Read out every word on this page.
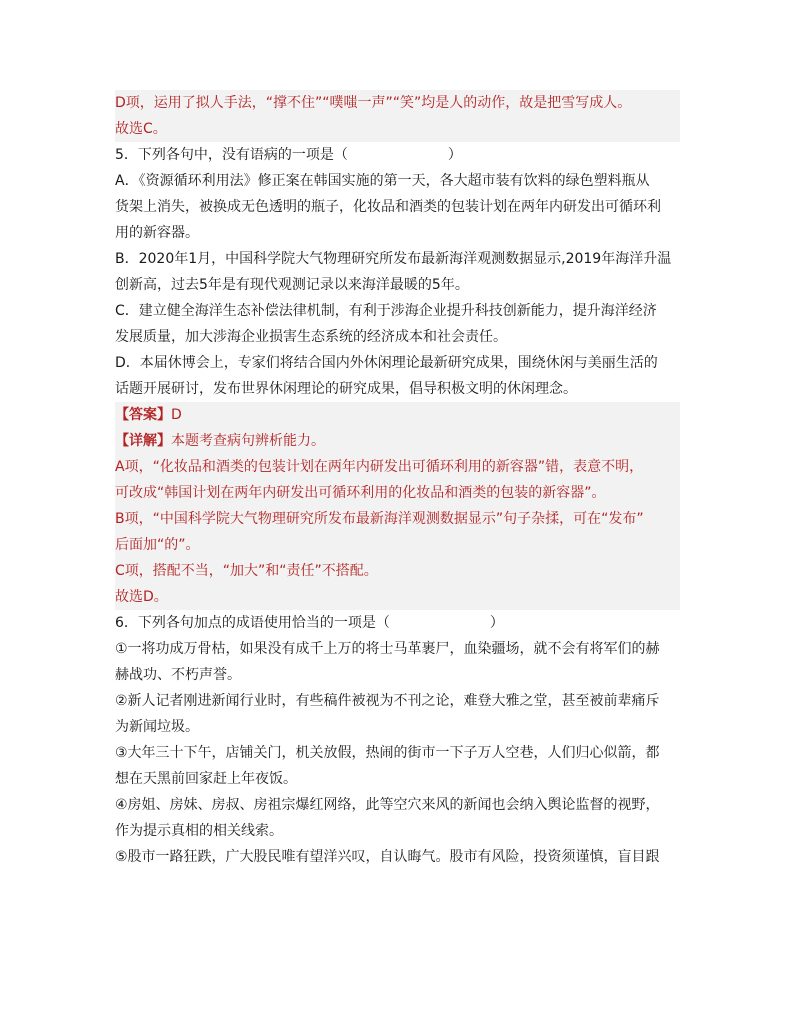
D项，运用了拟人手法，“撑不住”“噗嗤一声”“笑”均是人的动作，故是把雪写成人。
故选C。
5．下列各句中，没有语病的一项是（	）
A．《资源循环利用法》修正案在韩国实施的第一天，各大超市装有饮料的绿色塑料瓶从
货架上消失，被换成无色透明的瓶子，化妆品和酒类的包装计划在两年内研发出可循环利
用的新容器。
B．2020年1月，中国科学院大气物理研究所发布最新海洋观测数据显示,2019年海洋升温
创新高，过去5年是有现代观测记录以来海洋最暖的5年。
C．建立健全海洋生态补偿法律机制，有利于涉海企业提升科技创新能力，提升海洋经济
发展质量，加大涉海企业损害生态系统的经济成本和社会责任。
D．本届休博会上，专家们将结合国内外休闲理论最新研究成果，围绕休闲与美丽生活的
话题开展研讨，发布世界休闲理论的研究成果，倡导积极文明的休闲理念。
【答案】D
【详解】本题考查病句辨析能力。
A项，“化妆品和酒类的包装计划在两年内研发出可循环利用的新容器”错，表意不明，
可改成“韩国计划在两年内研发出可循环利用的化妆品和酒类的包装的新容器”。
B项，“中国科学院大气物理研究所发布最新海洋观测数据显示”句子杂揉，可在“发布”
后面加“的”。
C项，搭配不当，“加大”和“责任”不搭配。
故选D。
6．下列各句加点的成语使用恰当的一项是（	）
①一将功成万骨枯，如果没有成千上万的将士马革裹尸，血染疆场，就不会有将军们的赫
赫战功、不朽声誉。
②新人记者刚进新闻行业时，有些稿件被视为不刊之论，难登大雅之堂，甚至被前辈痛斥
为新闻垃圾。
③大年三十下午，店铺关门，机关放假，热闹的街市一下子万人空巷，人们归心似箭，都
想在天黑前回家赶上年夜饭。
④房姐、房妹、房叔、房祖宗爆红网络，此等空穴来风的新闻也会纳入舆论监督的视野，
作为提示真相的相关线索。
⑤股市一路狂跌，广大股民唯有望洋兴叹，自认晦气。股市有风险，投资须谨慎，盲目跟
